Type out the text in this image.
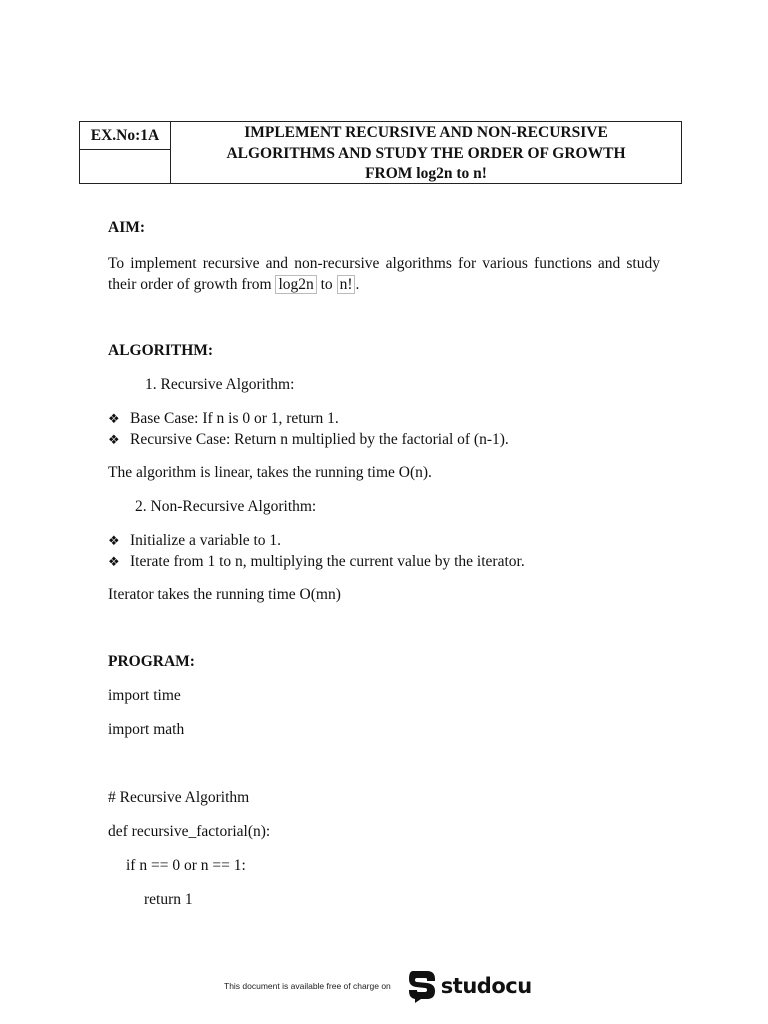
EX.No:1A	IMPLEMENT RECURSIVE AND NON-RECURSIVE
ALGORITHMS AND STUDY THE ORDER OF GROWTH
FROM log2n to n!
AIM:
To implement recursive and non-recursive algorithms for various functions and study their order of growth from log2n to n! .
ALGORITHM:
1. Recursive Algorithm:
❖ Base Case: If n is 0 or 1, return 1.
❖ Recursive Case: Return n multiplied by the factorial of (n-1).
The algorithm is linear, takes the running time O(n).
2. Non-Recursive Algorithm:
❖ Initialize a variable to 1.
❖ Iterate from 1 to n, multiplying the current value by the iterator.
Iterator takes the running time O(mn)
PROGRAM:
import time
import math
# Recursive Algorithm
def recursive_factorial(n):
if n == 0 or n == 1:
return 1
This document is available free of charge on studocu
